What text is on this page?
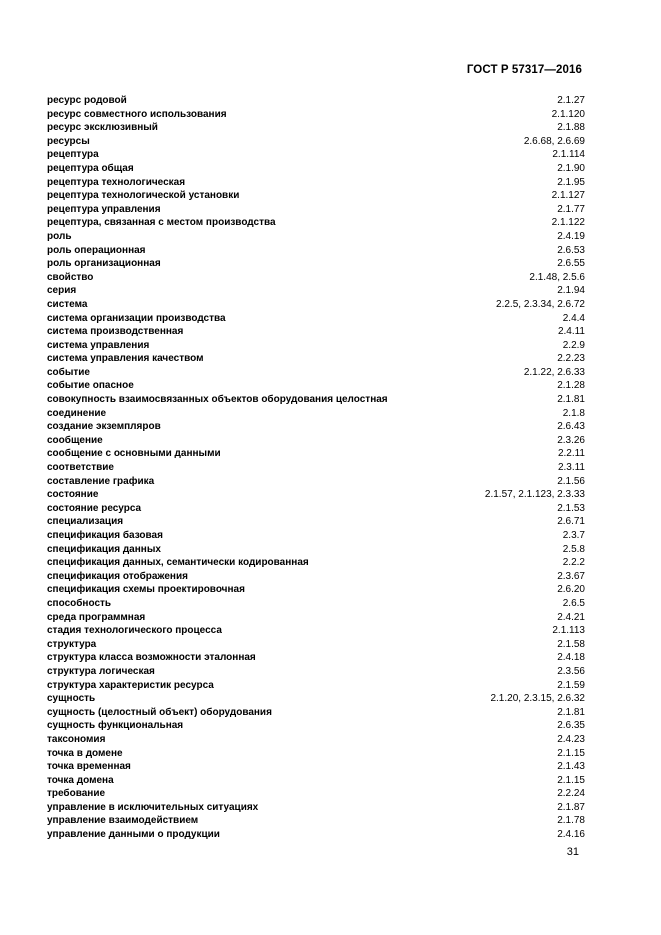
ГОСТ Р 57317—2016
ресурс родовой	2.1.27
ресурс совместного использования	2.1.120
ресурс эксклюзивный	2.1.88
ресурсы	2.6.68, 2.6.69
рецептура	2.1.114
рецептура общая	2.1.90
рецептура технологическая	2.1.95
рецептура технологической установки	2.1.127
рецептура управления	2.1.77
рецептура, связанная с местом производства	2.1.122
роль	2.4.19
роль операционная	2.6.53
роль организационная	2.6.55
свойство	2.1.48, 2.5.6
серия	2.1.94
система	2.2.5, 2.3.34, 2.6.72
система организации производства	2.4.4
система производственная	2.4.11
система управления	2.2.9
система управления качеством	2.2.23
событие	2.1.22, 2.6.33
событие опасное	2.1.28
совокупность взаимосвязанных объектов оборудования целостная	2.1.81
соединение	2.1.8
создание экземпляров	2.6.43
сообщение	2.3.26
сообщение с основными данными	2.2.11
соответствие	2.3.11
составление графика	2.1.56
состояние	2.1.57, 2.1.123, 2.3.33
состояние ресурса	2.1.53
специализация	2.6.71
спецификация базовая	2.3.7
спецификация данных	2.5.8
спецификация данных, семантически кодированная	2.2.2
спецификация отображения	2.3.67
спецификация схемы проектировочная	2.6.20
способность	2.6.5
среда программная	2.4.21
стадия технологического процесса	2.1.113
структура	2.1.58
структура класса возможности эталонная	2.4.18
структура логическая	2.3.56
структура характеристик ресурса	2.1.59
сущность	2.1.20, 2.3.15, 2.6.32
сущность (целостный объект) оборудования	2.1.81
сущность функциональная	2.6.35
таксономия	2.4.23
точка в домене	2.1.15
точка временная	2.1.43
точка домена	2.1.15
требование	2.2.24
управление в исключительных ситуациях	2.1.87
управление взаимодействием	2.1.78
управление данными о продукции	2.4.16
31
